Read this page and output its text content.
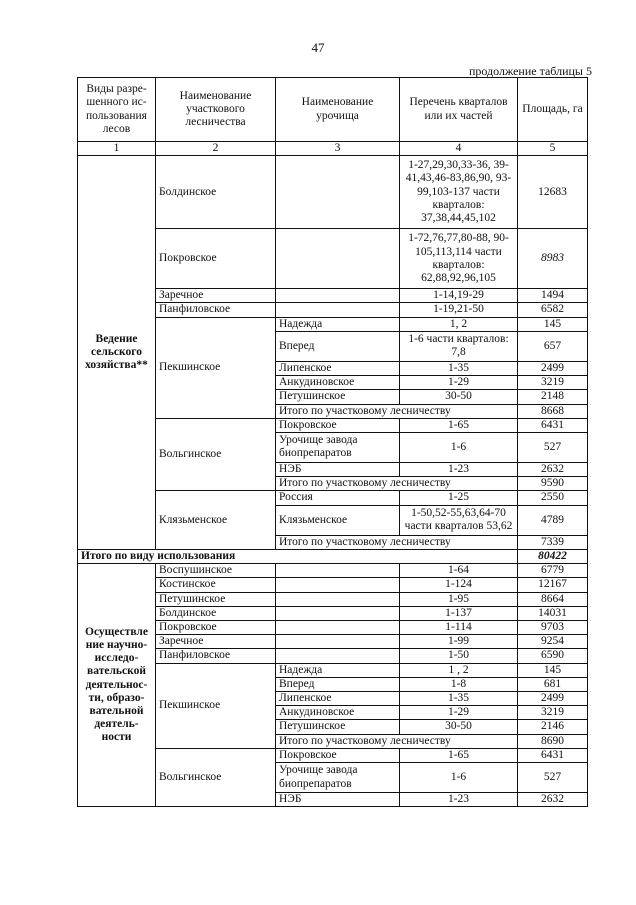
47
продолжение таблицы 5
Виды разре-шенного ис-пользования лесов	Наименование участкового лесничества	Наименование урочища	Перечень кварталов или их частей	Площадь, га
1	2	3	4	5
Ведение сельского хозяйства**	Болдинское		1-27,29,30,33-36, 39-41,43,46-83,86,90, 93-99,103-137 части кварталов: 37,38,44,45,102	12683
	Покровское		1-72,76,77,80-88, 90-105,113,114 части кварталов: 62,88,92,96,105	8983
	Заречное		1-14,19-29	1494
	Панфиловское		1-19,21-50	6582
	Пекшинское	Надежда	1, 2	145
		Вперед	1-6 части кварталов: 7,8	657
		Липенское	1-35	2499
		Анкудиновское	1-29	3219
		Петушинское	30-50	2148
		Итого по участковому лесничеству		8668
	Вольгинское	Покровское	1-65	6431
		Урочище завода биопрепаратов	1-6	527
		НЭБ	1-23	2632
		Итого по участковому лесничеству		9590
	Клязьменское	Россия	1-25	2550
		Клязьменское	1-50,52-55,63,64-70 части кварталов 53,62	4789
		Итого по участковому лесничеству		7339
Итого по виду использования				80422
Осуществле ние научно-исследо-вательской деятельнос-ти, образо-вательной деятель-ности	Воспушинское		1-64	6779
	Костинское		1-124	12167
	Петушинское		1-95	8664
	Болдинское		1-137	14031
	Покровское		1-114	9703
	Заречное		1-99	9254
	Панфиловское		1-50	6590
	Пекшинское	Надежда	1 , 2	145
		Вперед	1-8	681
		Липенское	1-35	2499
		Анкудиновское	1-29	3219
		Петушинское	30-50	2146
		Итого по участковому лесничеству		8690
	Вольгинское	Покровское	1-65	6431
		Урочище завода биопрепаратов	1-6	527
		НЭБ	1-23	2632
